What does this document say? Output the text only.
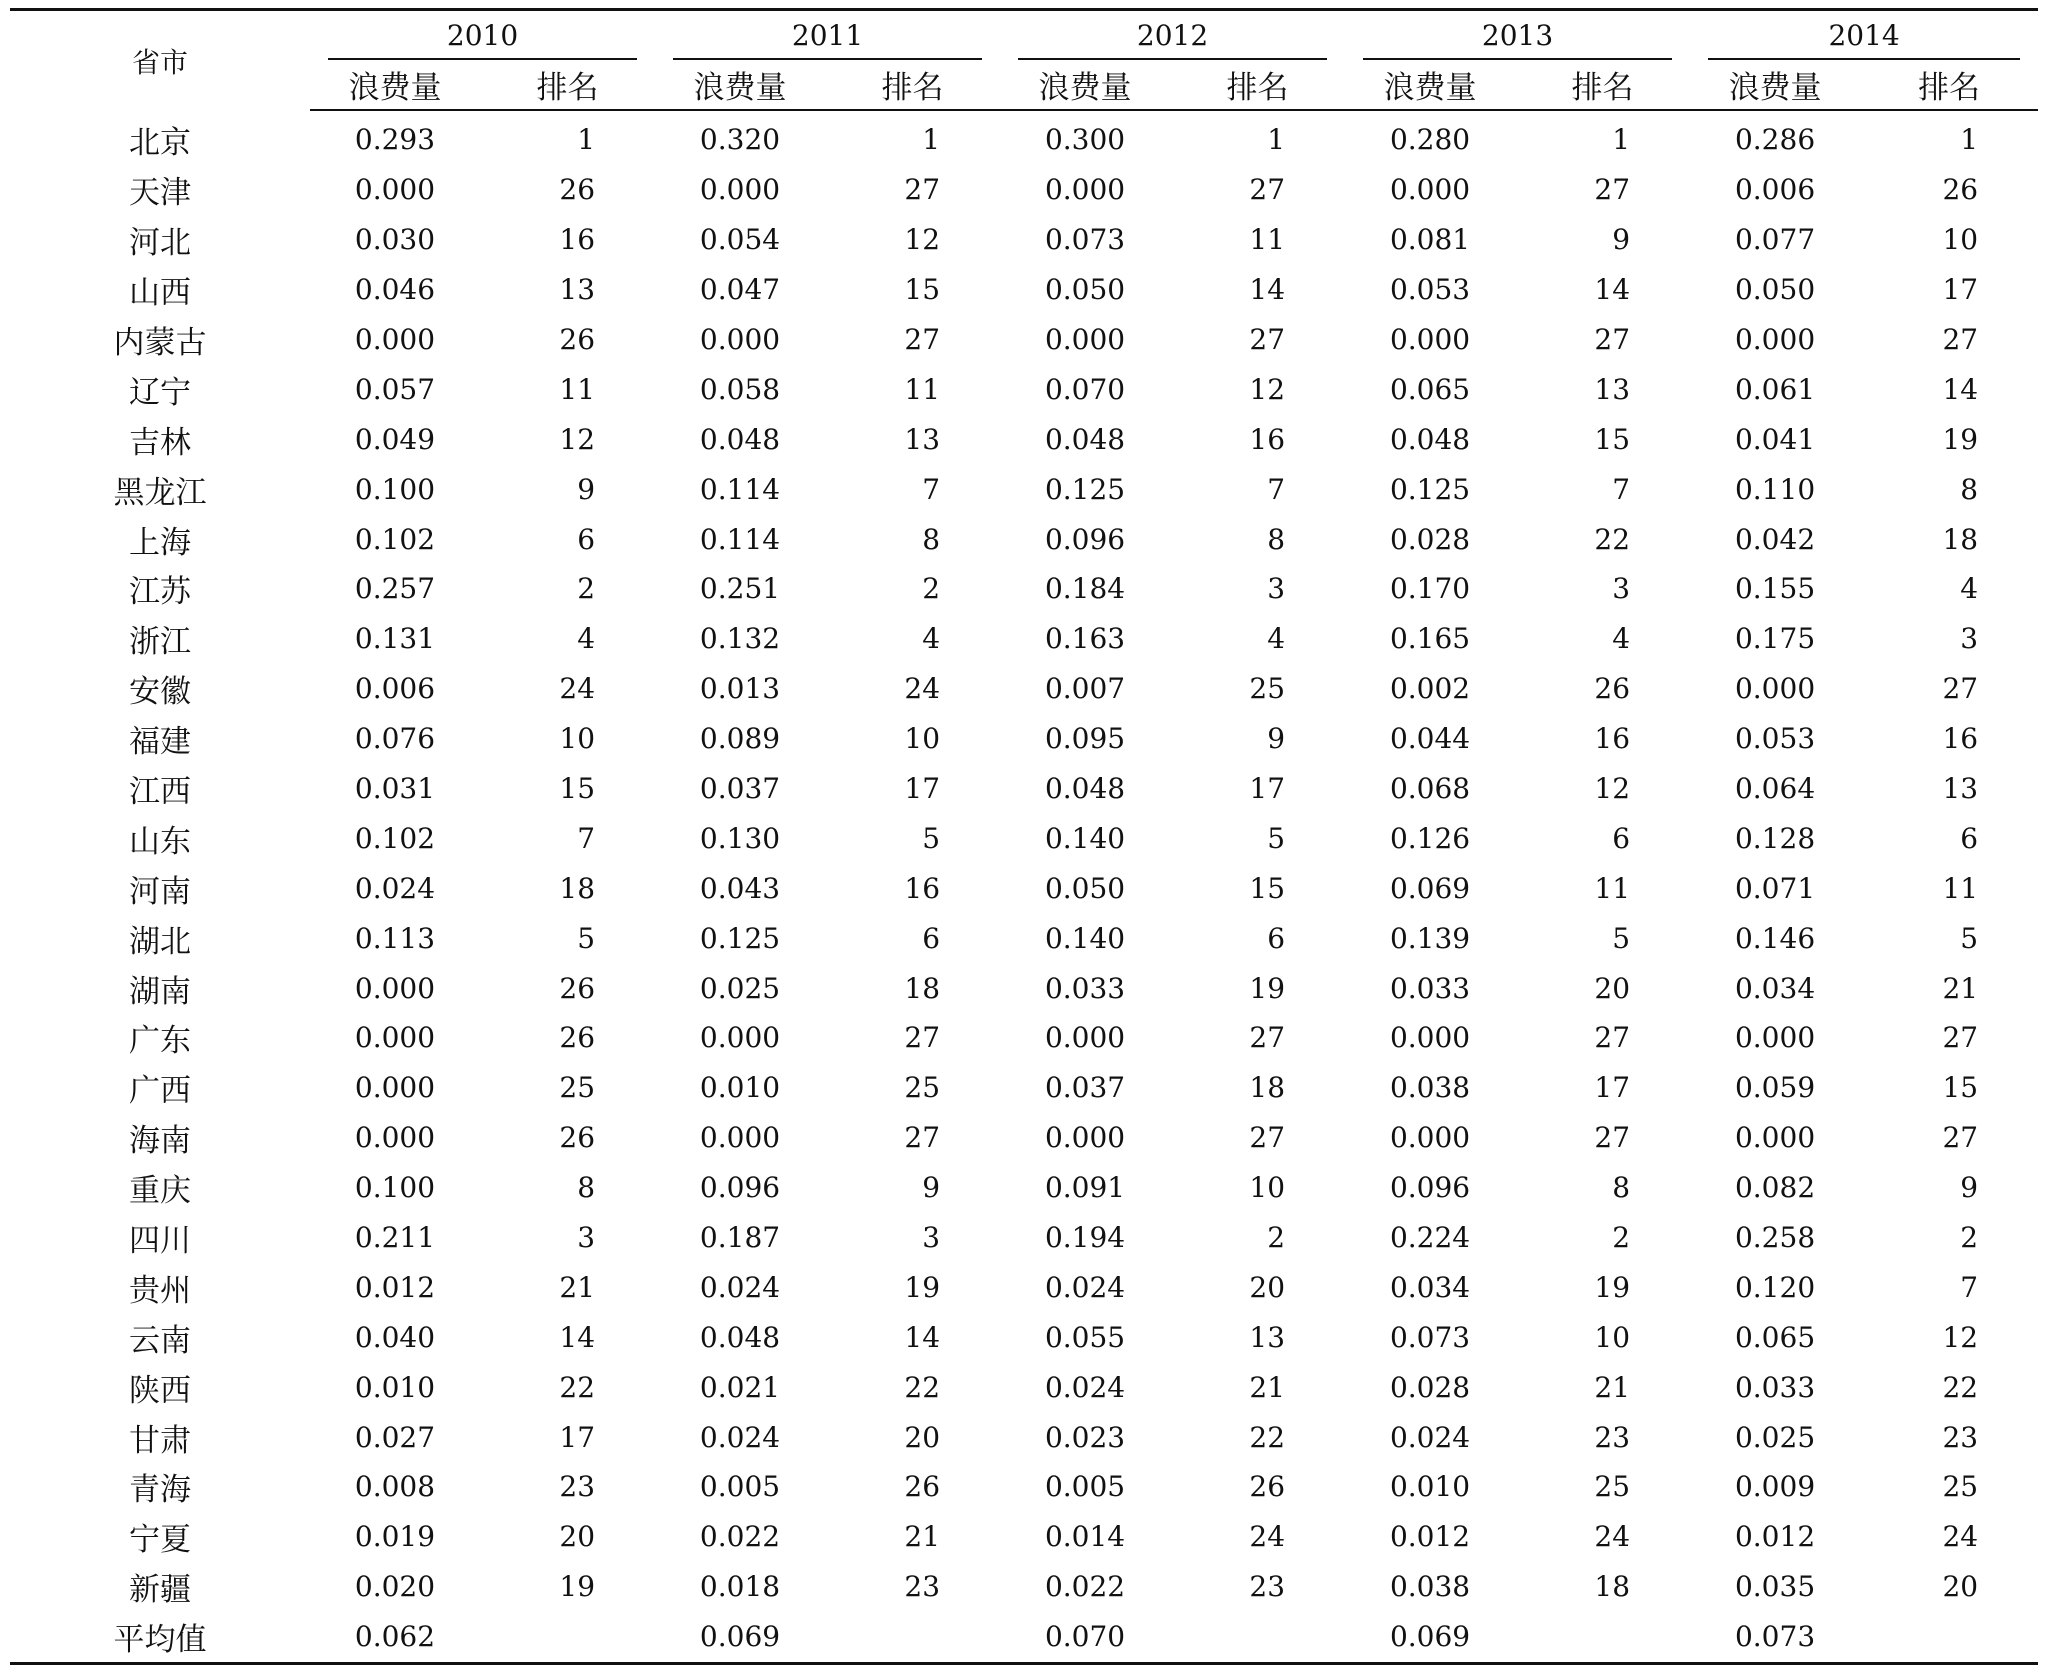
省市	2010		2011		2012		2013		2014	

	浪费量	排名	浪费量	排名	浪费量	排名	浪费量	排名	浪费量	排名
北京	0.293	1	0.320	1	0.300	1	0.280	1	0.286	1
天津	0.000	26	0.000	27	0.000	27	0.000	27	0.006	26
河北	0.030	16	0.054	12	0.073	11	0.081	9	0.077	10
山西	0.046	13	0.047	15	0.050	14	0.053	14	0.050	17
内蒙古	0.000	26	0.000	27	0.000	27	0.000	27	0.000	27
辽宁	0.057	11	0.058	11	0.070	12	0.065	13	0.061	14
吉林	0.049	12	0.048	13	0.048	16	0.048	15	0.041	19
黑龙江	0.100	9	0.114	7	0.125	7	0.125	7	0.110	8
上海	0.102	6	0.114	8	0.096	8	0.028	22	0.042	18
江苏	0.257	2	0.251	2	0.184	3	0.170	3	0.155	4
浙江	0.131	4	0.132	4	0.163	4	0.165	4	0.175	3
安徽	0.006	24	0.013	24	0.007	25	0.002	26	0.000	27
福建	0.076	10	0.089	10	0.095	9	0.044	16	0.053	16
江西	0.031	15	0.037	17	0.048	17	0.068	12	0.064	13
山东	0.102	7	0.130	5	0.140	5	0.126	6	0.128	6
河南	0.024	18	0.043	16	0.050	15	0.069	11	0.071	11
湖北	0.113	5	0.125	6	0.140	6	0.139	5	0.146	5
湖南	0.000	26	0.025	18	0.033	19	0.033	20	0.034	21
广东	0.000	26	0.000	27	0.000	27	0.000	27	0.000	27
广西	0.000	25	0.010	25	0.037	18	0.038	17	0.059	15
海南	0.000	26	0.000	27	0.000	27	0.000	27	0.000	27
重庆	0.100	8	0.096	9	0.091	10	0.096	8	0.082	9
四川	0.211	3	0.187	3	0.194	2	0.224	2	0.258	2
贵州	0.012	21	0.024	19	0.024	20	0.034	19	0.120	7
云南	0.040	14	0.048	14	0.055	13	0.073	10	0.065	12
陕西	0.010	22	0.021	22	0.024	21	0.028	21	0.033	22
甘肃	0.027	17	0.024	20	0.023	22	0.024	23	0.025	23
青海	0.008	23	0.005	26	0.005	26	0.010	25	0.009	25
宁夏	0.019	20	0.022	21	0.014	24	0.012	24	0.012	24
新疆	0.020	19	0.018	23	0.022	23	0.038	18	0.035	20
平均值	0.062		0.069		0.070		0.069		0.073	
